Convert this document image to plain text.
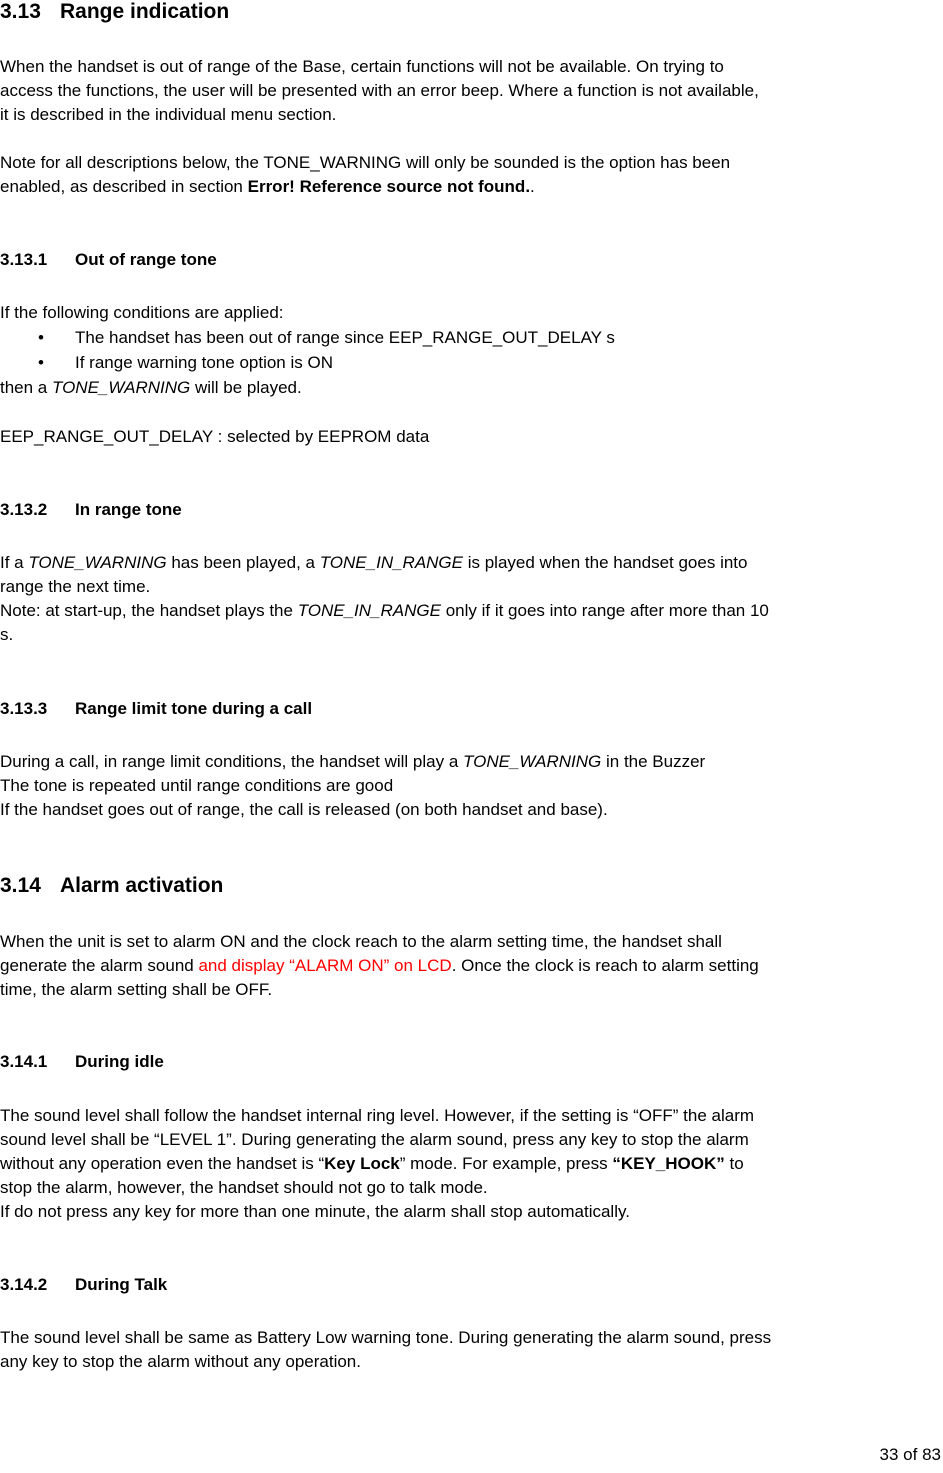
3.13 Range indication
When the handset is out of range of the Base, certain functions will not be available. On trying to
access the functions, the user will be presented with an error beep. Where a function is not available,
it is described in the individual menu section.
Note for all descriptions below, the TONE_WARNING will only be sounded is the option has been
enabled, as described in section Error! Reference source not found..
3.13.1 Out of range tone
If the following conditions are applied:
• The handset has been out of range since EEP_RANGE_OUT_DELAY s
• If range warning tone option is ON
then a TONE_WARNING will be played.
EEP_RANGE_OUT_DELAY : selected by EEPROM data
3.13.2 In range tone
If a TONE_WARNING has been played, a TONE_IN_RANGE is played when the handset goes into
range the next time.
Note: at start-up, the handset plays the TONE_IN_RANGE only if it goes into range after more than 10
s.
3.13.3 Range limit tone during a call
During a call, in range limit conditions, the handset will play a TONE_WARNING in the Buzzer
The tone is repeated until range conditions are good
If the handset goes out of range, the call is released (on both handset and base).
3.14 Alarm activation
When the unit is set to alarm ON and the clock reach to the alarm setting time, the handset shall
generate the alarm sound and display “ALARM ON” on LCD. Once the clock is reach to alarm setting
time, the alarm setting shall be OFF.
3.14.1 During idle
The sound level shall follow the handset internal ring level. However, if the setting is “OFF” the alarm
sound level shall be “LEVEL 1”. During generating the alarm sound, press any key to stop the alarm
without any operation even the handset is “Key Lock” mode. For example, press “KEY_HOOK” to
stop the alarm, however, the handset should not go to talk mode.
If do not press any key for more than one minute, the alarm shall stop automatically.
3.14.2 During Talk
The sound level shall be same as Battery Low warning tone. During generating the alarm sound, press
any key to stop the alarm without any operation.
33 of 83
